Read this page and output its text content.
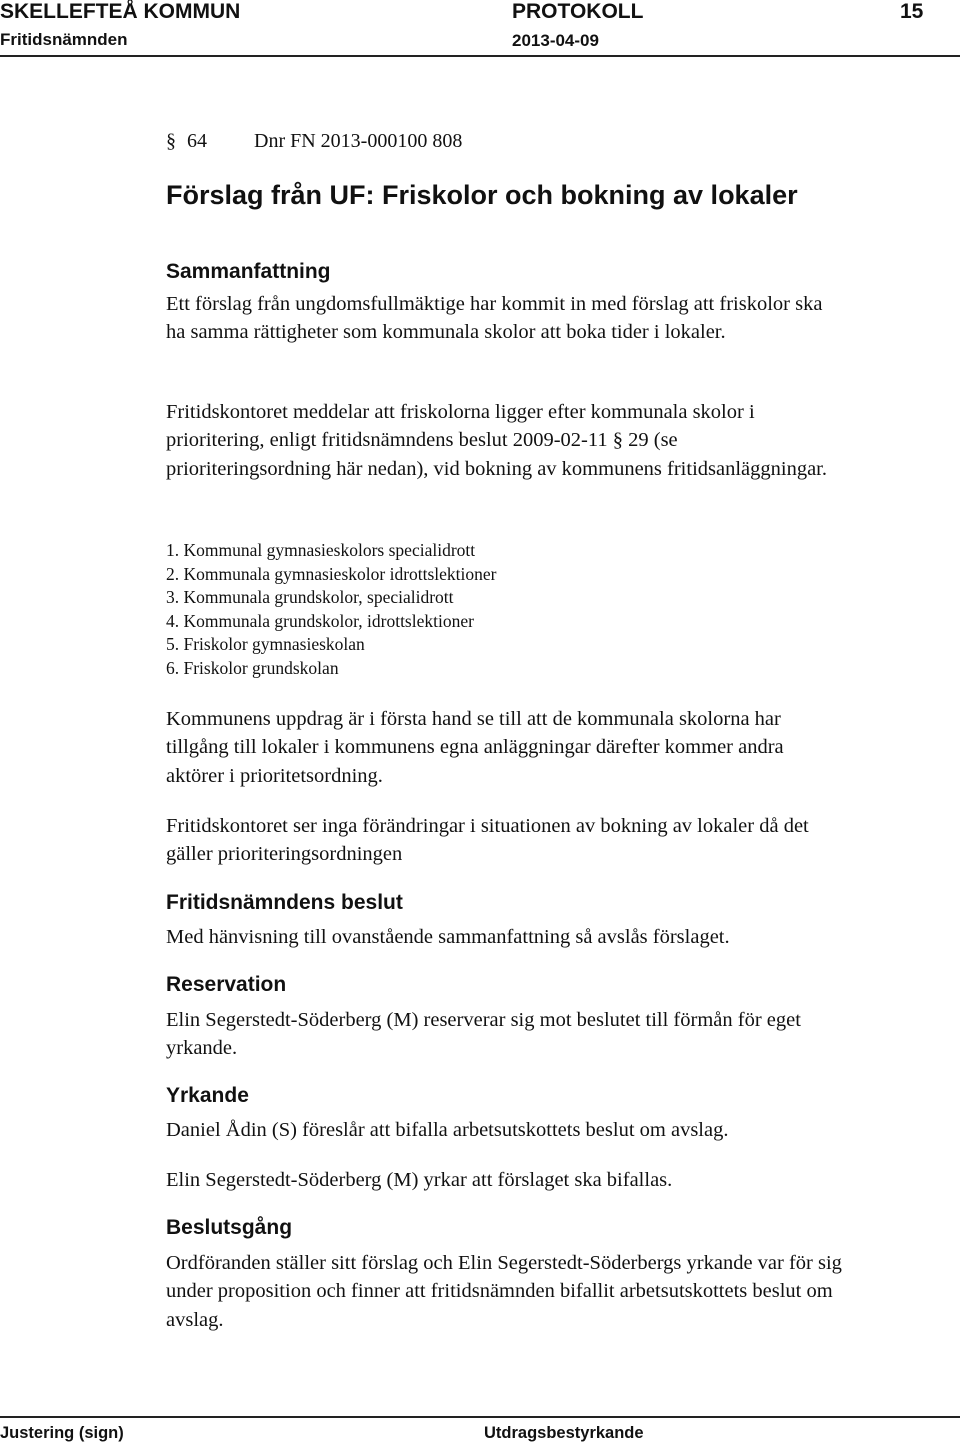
SKELLEFTEÅ KOMMUN	PROTOKOLL	15
Fritidsnämnden	2013-04-09
§ 64 Dnr FN 2013-000100 808
Förslag från UF: Friskolor och bokning av lokaler
Sammanfattning

Ett förslag från ungdomsfullmäktige har kommit in med förslag att friskolor ska ha samma rättigheter som kommunala skolor att boka tider i lokaler.

Fritidskontoret meddelar att friskolorna ligger efter kommunala skolor i prioritering, enligt fritidsnämndens beslut 2009-02-11 § 29 (se prioriteringsordning här nedan), vid bokning av kommunens fritidsanläggningar.

1. Kommunal gymnasieskolors specialidrott
2. Kommunala gymnasieskolor idrottslektioner
3. Kommunala grundskolor, specialidrott
4. Kommunala grundskolor, idrottslektioner
5. Friskolor gymnasieskolan
6. Friskolor grundskolan

Kommunens uppdrag är i första hand se till att de kommunala skolorna har tillgång till lokaler i kommunens egna anläggningar därefter kommer andra aktörer i prioritetsordning.

Fritidskontoret ser inga förändringar i situationen av bokning av lokaler då det gäller prioriteringsordningen

Fritidsnämndens beslut

Med hänvisning till ovanstående sammanfattning så avslås förslaget.

Reservation

Elin Segerstedt-Söderberg (M) reserverar sig mot beslutet till förmån för eget yrkande.

Yrkande

Daniel Ådin (S) föreslår att bifalla arbetsutskottets beslut om avslag.

Elin Segerstedt-Söderberg (M) yrkar att förslaget ska bifallas.

Beslutsgång

Ordföranden ställer sitt förslag och Elin Segerstedt-Söderbergs yrkande var för sig under proposition och finner att fritidsnämnden bifallit arbetsutskottets beslut om avslag.

Justering (sign)	Utdragsbestyrkande
